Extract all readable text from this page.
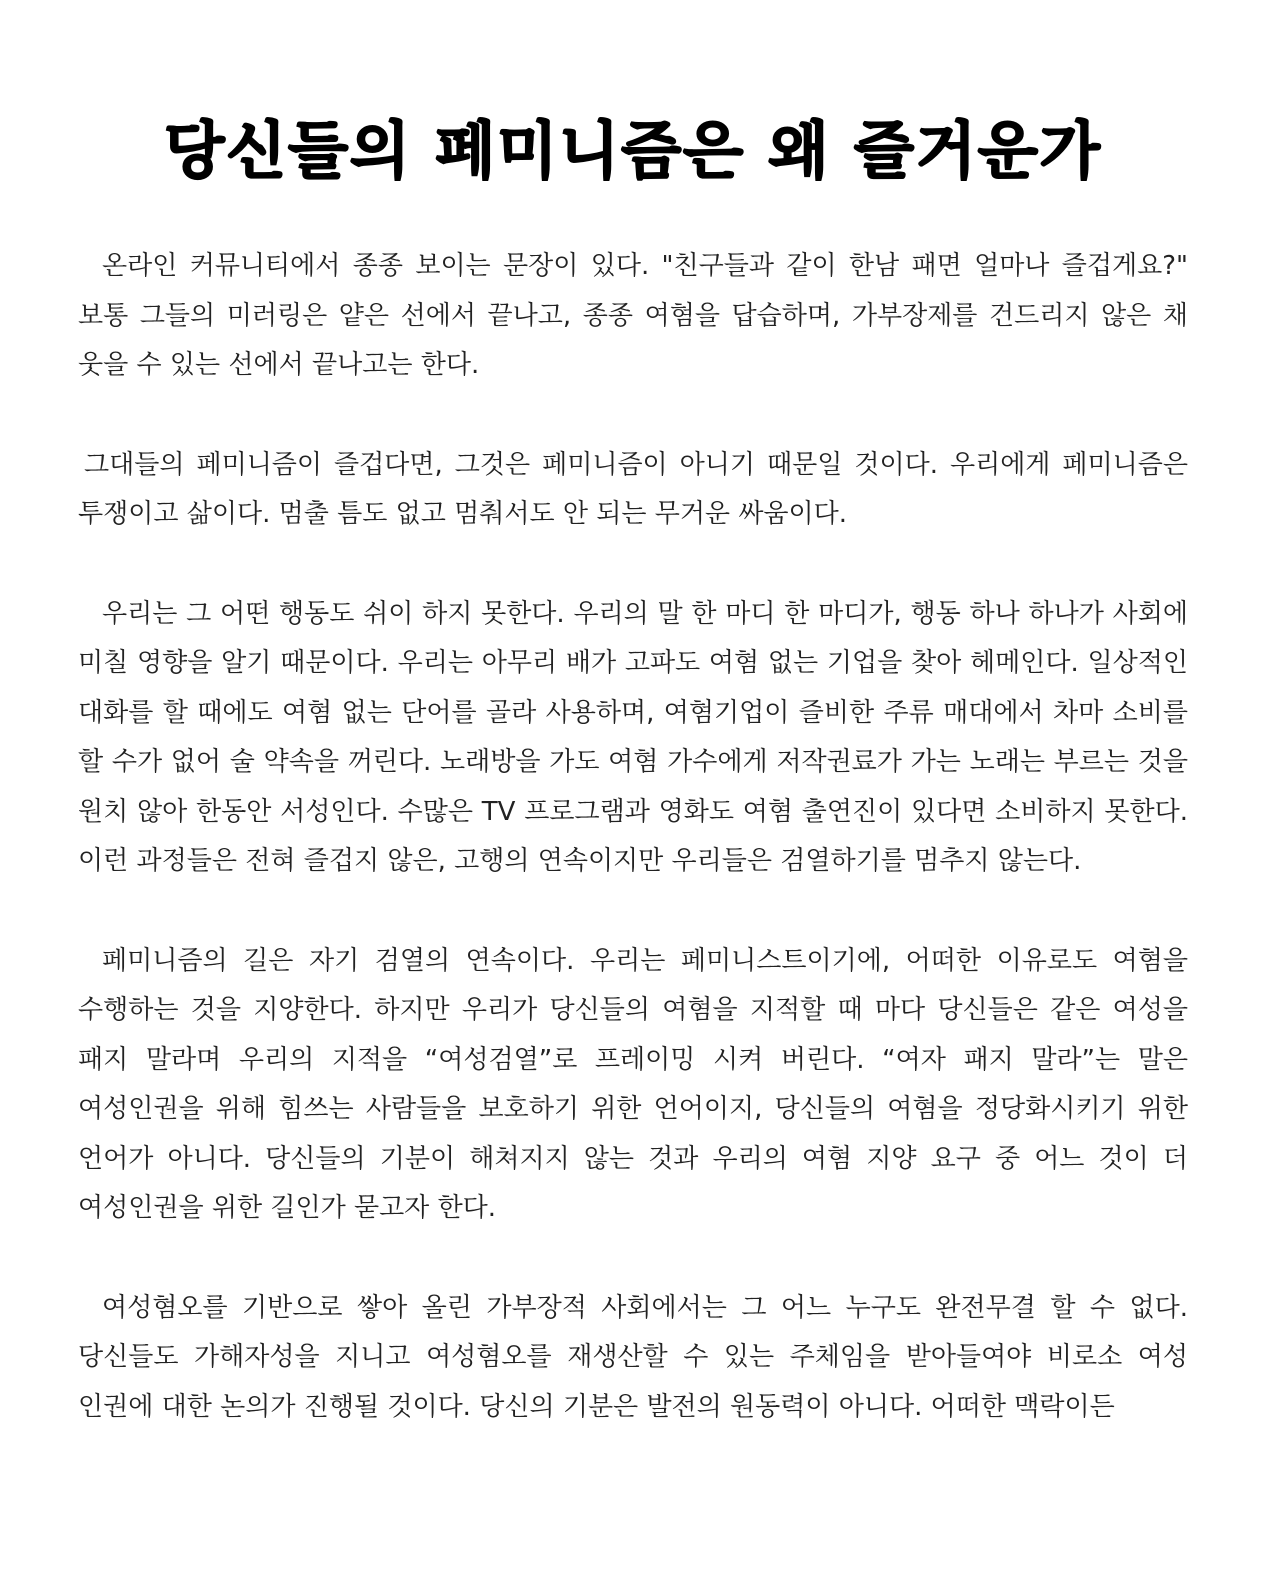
당신들의 페미니즘은 왜 즐거운가

온라인 커뮤니티에서 종종 보이는 문장이 있다. "친구들과 같이 한남 패면 얼마나 즐겁게요?" 보통 그들의 미러링은 얕은 선에서 끝나고, 종종 여혐을 답습하며, 가부장제를 건드리지 않은 채 웃을 수 있는 선에서 끝나고는 한다.

그대들의 페미니즘이 즐겁다면, 그것은 페미니즘이 아니기 때문일 것이다. 우리에게 페미니즘은 투쟁이고 삶이다. 멈출 틈도 없고 멈춰서도 안 되는 무거운 싸움이다.

우리는 그 어떤 행동도 쉬이 하지 못한다. 우리의 말 한 마디 한 마디가, 행동 하나 하나가 사회에 미칠 영향을 알기 때문이다. 우리는 아무리 배가 고파도 여혐 없는 기업을 찾아 헤메인다. 일상적인 대화를 할 때에도 여혐 없는 단어를 골라 사용하며, 여혐기업이 즐비한 주류 매대에서 차마 소비를 할 수가 없어 술 약속을 꺼린다. 노래방을 가도 여혐 가수에게 저작권료가 가는 노래는 부르는 것을 원치 않아 한동안 서성인다. 수많은 TV 프로그램과 영화도 여혐 출연진이 있다면 소비하지 못한다. 이런 과정들은 전혀 즐겁지 않은, 고행의 연속이지만 우리들은 검열하기를 멈추지 않는다.

페미니즘의 길은 자기 검열의 연속이다. 우리는 페미니스트이기에, 어떠한 이유로도 여혐을 수행하는 것을 지양한다. 하지만 우리가 당신들의 여혐을 지적할 때 마다 당신들은 같은 여성을 패지 말라며 우리의 지적을 “여성검열”로 프레이밍 시켜 버린다. “여자 패지 말라”는 말은 여성인권을 위해 힘쓰는 사람들을 보호하기 위한 언어이지, 당신들의 여혐을 정당화시키기 위한 언어가 아니다. 당신들의 기분이 해쳐지지 않는 것과 우리의 여혐 지양 요구 중 어느 것이 더 여성인권을 위한 길인가 묻고자 한다.

여성혐오를 기반으로 쌓아 올린 가부장적 사회에서는 그 어느 누구도 완전무결 할 수 없다. 당신들도 가해자성을 지니고 여성혐오를 재생산할 수 있는 주체임을 받아들여야 비로소 여성 인권에 대한 논의가 진행될 것이다. 당신의 기분은 발전의 원동력이 아니다. 어떠한 맥락이든
